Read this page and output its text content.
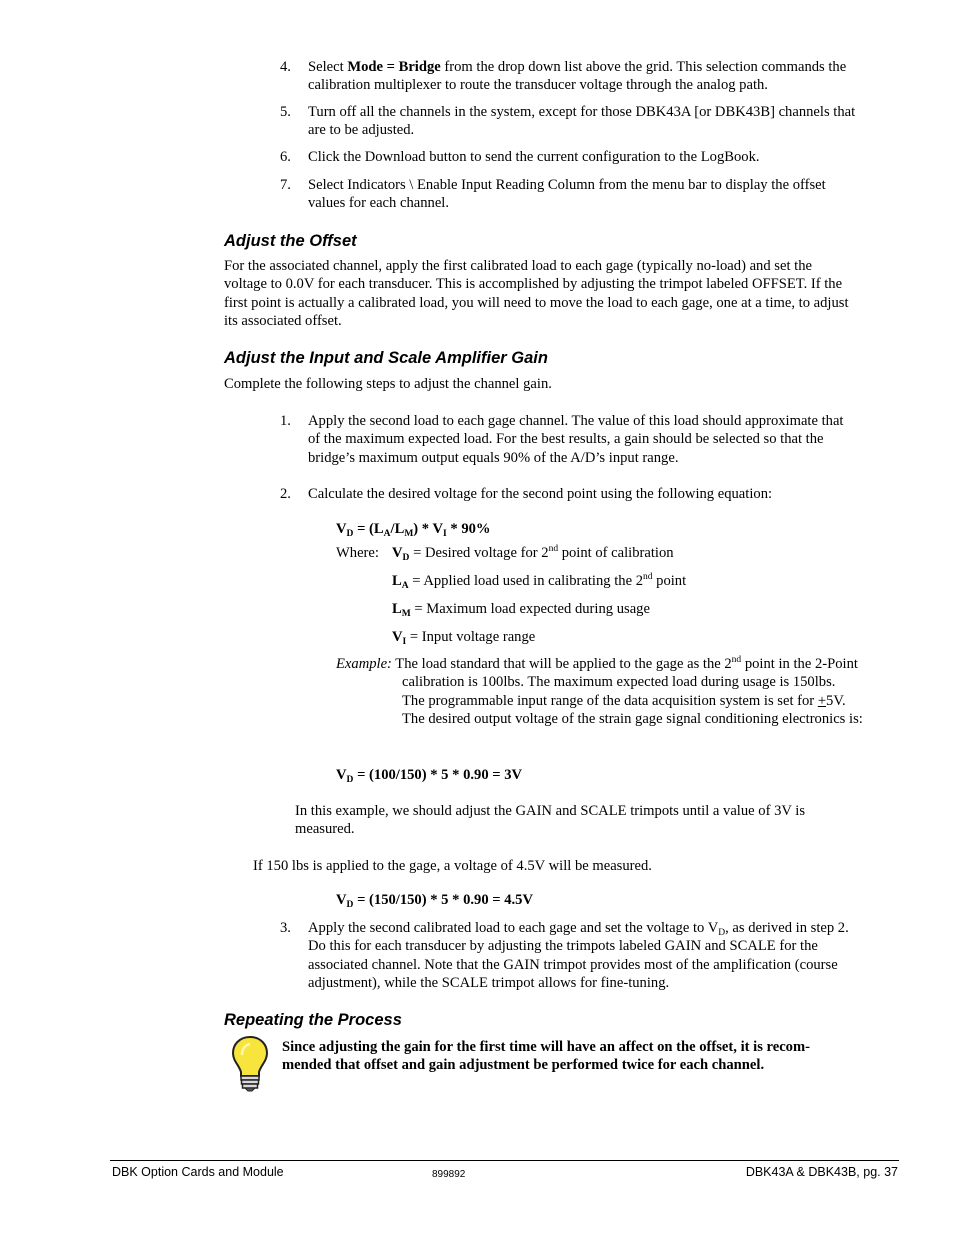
4. Select Mode = Bridge from the drop down list above the grid. This selection commands the
calibration multiplexer to route the transducer voltage through the analog path.
5. Turn off all the channels in the system, except for those DBK43A [or DBK43B] channels that
are to be adjusted.
6. Click the Download button to send the current configuration to the LogBook.
7. Select Indicators \ Enable Input Reading Column from the menu bar to display the offset
values for each channel.
Adjust the Offset
For the associated channel, apply the first calibrated load to each gage (typically no-load) and set the
voltage to 0.0V for each transducer. This is accomplished by adjusting the trimpot labeled OFFSET. If the
first point is actually a calibrated load, you will need to move the load to each gage, one at a time, to adjust
its associated offset.
Adjust the Input and Scale Amplifier Gain
Complete the following steps to adjust the channel gain.
1. Apply the second load to each gage channel. The value of this load should approximate that
of the maximum expected load. For the best results, a gain should be selected so that the
bridge’s maximum output equals 90% of the A/D’s input range.
2. Calculate the desired voltage for the second point using the following equation:
$V_D = (L_A/L_M) * V_I * 90\%$
Where: $V_D$ = Desired voltage for 2nd point of calibration
$L_A$ = Applied load used in calibrating the 2nd point
$L_M$ = Maximum load expected during usage
$V_I$ = Input voltage range
Example: The load standard that will be applied to the gage as the 2nd point in the 2-Point
calibration is 100lbs. The maximum expected load during usage is 150lbs.
The programmable input range of the data acquisition system is set for +5V.
The desired output voltage of the strain gage signal conditioning electronics is:
$V_D = (100/150) * 5 * 0.90 = 3V$
In this example, we should adjust the GAIN and SCALE trimpots until a value of 3V is
measured.
If 150 lbs is applied to the gage, a voltage of 4.5V will be measured.
$V_D = (150/150) * 5 * 0.90 = 4.5V$
3. Apply the second calibrated load to each gage and set the voltage to $V_D$, as derived in step 2.
Do this for each transducer by adjusting the trimpots labeled GAIN and SCALE for the
associated channel. Note that the GAIN trimpot provides most of the amplification (course
adjustment), while the SCALE trimpot allows for fine-tuning.
Repeating the Process
Since adjusting the gain for the first time will have an affect on the offset, it is recom-
mended that offset and gain adjustment be performed twice for each channel.
DBK Option Cards and Module	899892	DBK43A & DBK43B, pg. 37
